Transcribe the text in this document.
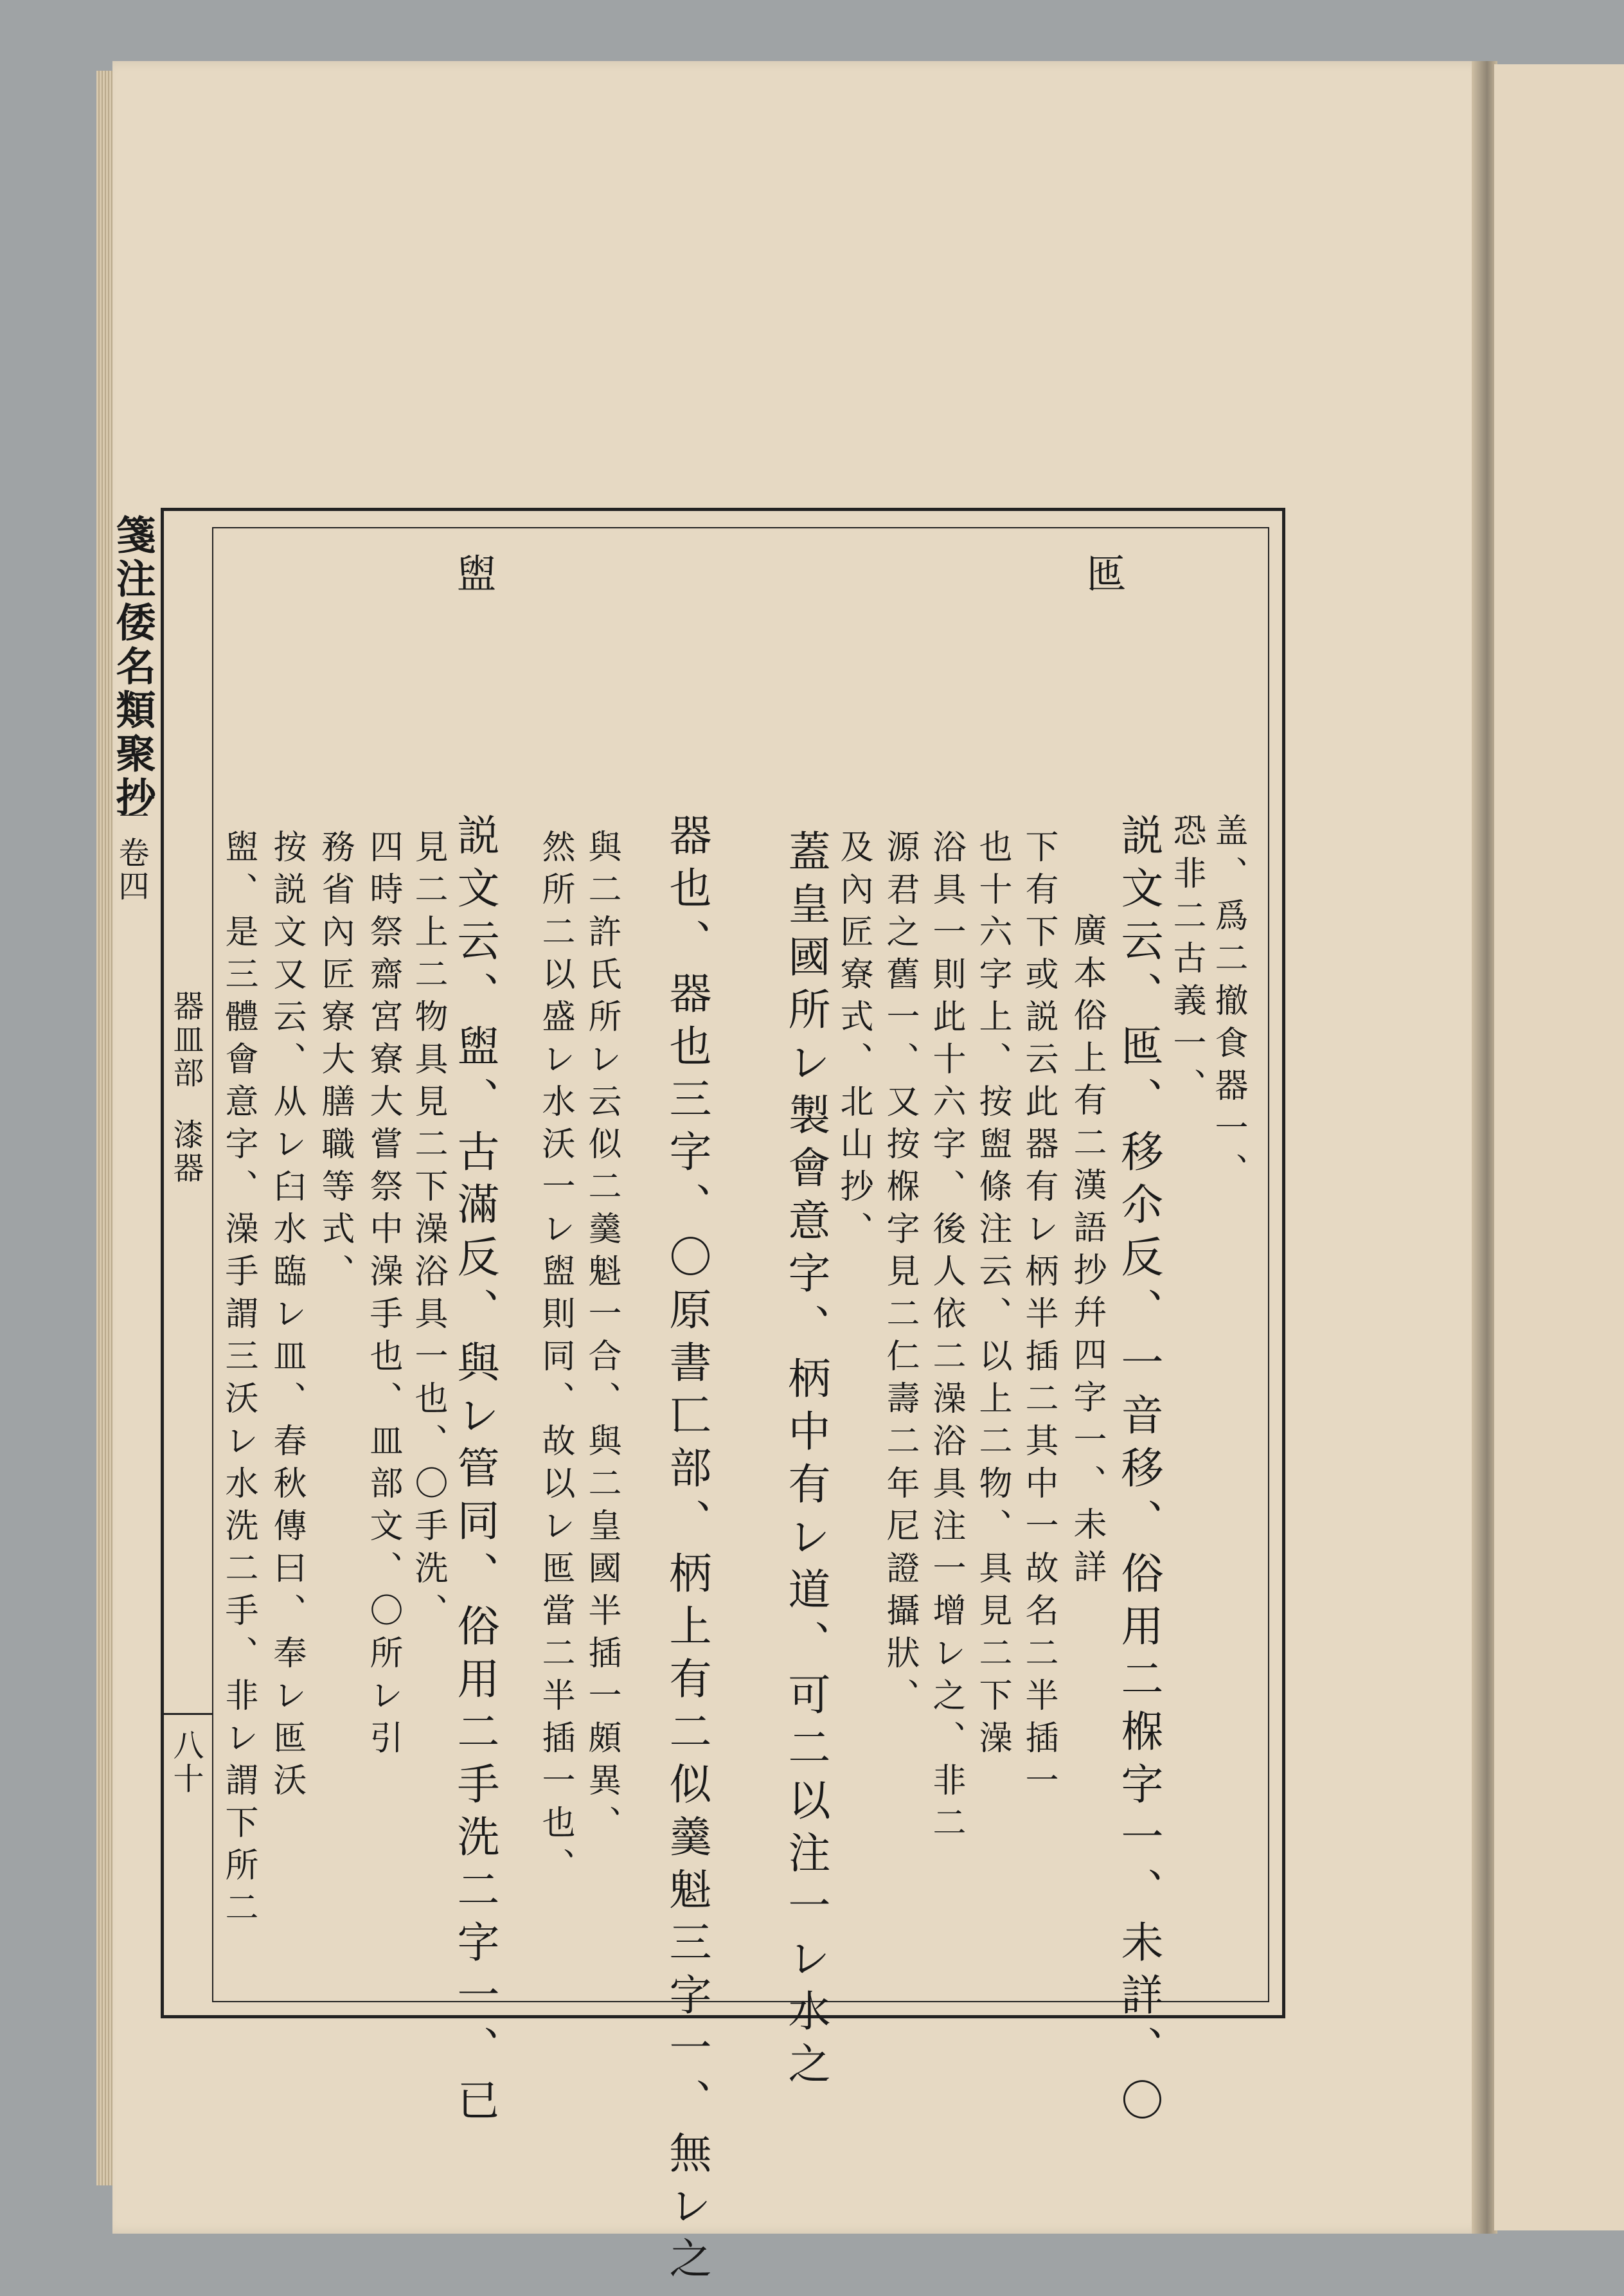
箋注倭名類聚抄
二 卷四
器皿部
漆器
八十
匜
盥
盖、爲二撤食器一、
恐非二古義一、
説文云、匜、移尒反、一音移、俗用二椺字一、未詳、〇
廣本俗上有二漢語抄幷四字一、未詳
下有下或説云此器有レ柄半插二其中一故名二半插一
也十六字上、按盥條注云、以上二物、具見二下澡
浴具一則此十六字、後人依二澡浴具注一增レ之、非二
源君之舊一、又按椺字見二仁壽二年尼證攝狀、
及內匠寮式、北山抄、
蓋皇國所レ製會意字、柄中有レ道、可二以注一レ水之
器也、器也三字、〇原書匸部、柄上有二似羹魁三字一、無レ之
與二許氏所レ云似二羹魁一合、與二皇國半插一頗異、
然所二以盛レ水沃一レ盥則同、故以レ匜當二半插一也、
説文云、盥、古滿反、與レ管同、俗用二手洗二字一、已
見二上二物具見二下澡浴具一也、〇手洗、
四時祭齋宮寮大嘗祭中澡手也、皿部文、〇所レ引
務省內匠寮大膳職等式、
按説文又云、从レ臼水臨レ皿、春秋傳曰、奉レ匜沃
盥、是三體會意字、澡手謂三沃レ水洗二手、非レ謂下所二
